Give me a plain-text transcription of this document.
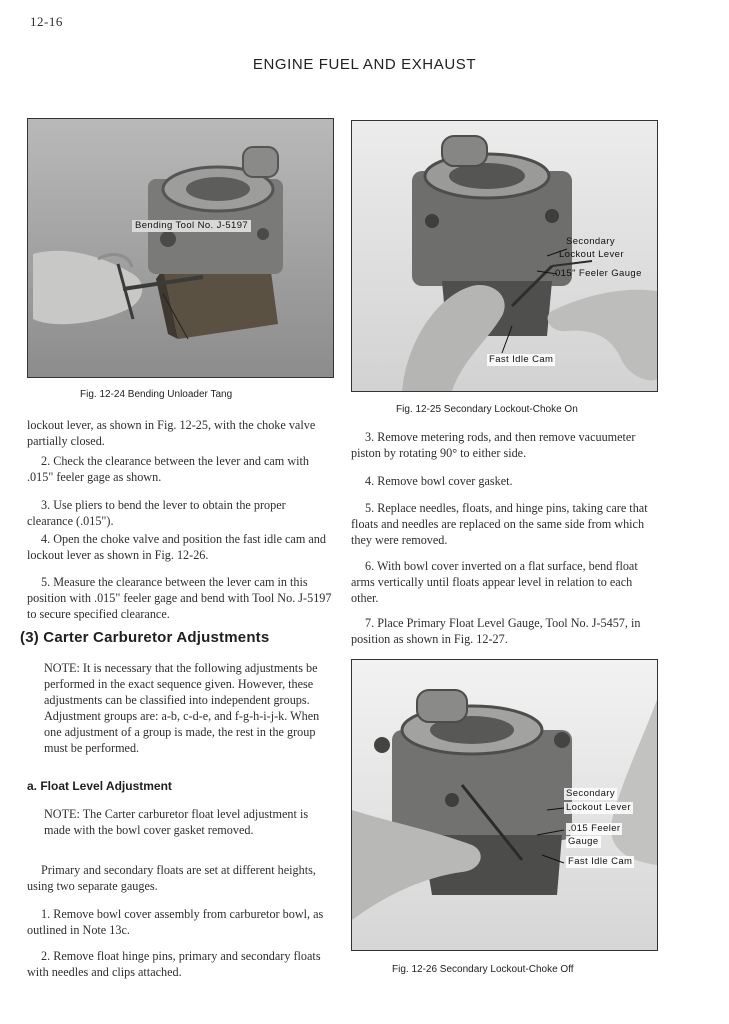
12-16
ENGINE FUEL AND EXHAUST
Bending Tool No. J-5197
Fig. 12-24 Bending Unloader Tang
Secondary
Lockout Lever
.015" Feeler Gauge
Fast Idle Cam
Fig. 12-25 Secondary Lockout-Choke On

lockout lever, as shown in Fig. 12-25, with the choke valve partially closed.

2. Check the clearance between the lever and cam with .015" feeler gage as shown.

3. Use pliers to bend the lever to obtain the proper clearance (.015").

4. Open the choke valve and position the fast idle cam and lockout lever as shown in Fig. 12-26.

5. Measure the clearance between the lever cam in this position with .015" feeler gage and bend with Tool No. J-5197 to secure specified clearance.

(3) Carter Carburetor Adjustments

NOTE: It is necessary that the following adjustments be performed in the exact sequence given. However, these adjustments can be classified into independent groups. Adjustment groups are: a-b, c-d-e, and f-g-h-i-j-k. When one adjustment of a group is made, the rest in the group must be performed.

a. Float Level Adjustment

NOTE: The Carter carburetor float level adjustment is made with the bowl cover gasket removed.

Primary and secondary floats are set at different heights, using two separate gauges.

1. Remove bowl cover assembly from carburetor bowl, as outlined in Note 13c.

2. Remove float hinge pins, primary and secondary floats with needles and clips attached.

3. Remove metering rods, and then remove vacuumeter piston by rotating 90° to either side.

4. Remove bowl cover gasket.

5. Replace needles, floats, and hinge pins, taking care that floats and needles are replaced on the same side from which they were removed.

6. With bowl cover inverted on a flat surface, bend float arms vertically until floats appear level in relation to each other.

7. Place Primary Float Level Gauge, Tool No. J-5457, in position as shown in Fig. 12-27.

Secondary
Lockout Lever
.015 Feeler
Gauge
Fast Idle Cam
Fig. 12-26 Secondary Lockout-Choke Off
